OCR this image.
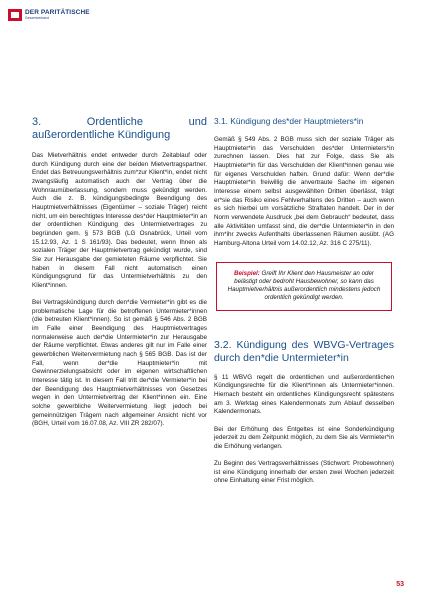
DER PARITÄTISCHE
Gesamtverband
3. Ordentliche und außerordentliche Kündigung

Das Mietverhältnis endet entweder durch Zeitablauf oder durch Kündigung durch eine der beiden Mietvertragspartner. Endet das Betreuungsverhältnis zum*zur Klient*in, endet nicht zwangsläufig automatisch auch der Vertrag über die Wohnraumüberlassung, sondern muss gekündigt werden. Auch die z. B. kündigungsbedingte Beendigung des Hauptmietverhältnisses (Eigentümer – soziale Träger) reicht nicht, um ein berechtigtes Interesse des*der Hauptmieter*in an der ordentlichen Kündigung des Untermietvertrages zu begründen gem. § 573 BGB (LG Osnabrück, Urteil vom 15.12.93, Az. 1 S 161/93). Das bedeutet, wenn Ihnen als sozialen Träger der Hauptmietvertrag gekündigt wurde, sind Sie zur Herausgabe der gemieteten Räume verpflichtet. Sie haben in diesem Fall nicht automatisch einen Kündigungsgrund für das Untermietverhältnis zu den Klient*innen.

Bei Vertragskündigung durch den*die Vermieter*in gibt es die problematische Lage für die betroffenen Untermieter*innen (die betreuten Klient*innen). So ist gemäß § 546 Abs. 2 BGB im Falle einer Beendigung des Hauptmietvertrages normalerweise auch der*die Untermieter*in zur Herausgabe der Räume verpflichtet. Etwas anderes gilt nur im Falle einer gewerblichen Weitervermietung nach § 565 BGB. Das ist der Fall, wenn der*die Hauptmieter*in mit Gewinnerzielungsabsicht oder im eigenen wirtschaftlichen Interesse tätig ist. In diesem Fall tritt der*die Vermieter*in bei der Beendigung des Hauptmietverhältnisses von Gesetzes wegen in den Untermietvertrag der Klient*innen ein. Eine solche gewerbliche Weitervermietung liegt jedoch bei gemeinnützigen Trägern nach allgemeiner Ansicht nicht vor (BGH, Urteil vom 16.07.08, Az. VIII ZR 282/07).

3.1. Kündigung des*der Hauptmieters*in

Gemäß § 549 Abs. 2 BGB muss sich der soziale Träger als Hauptmieter*in das Verschulden des*der Untermieters*in zurechnen lassen. Dies hat zur Folge, dass Sie als Hauptmieter*in für das Verschulden der Klient*innen genau wie für eigenes Verschulden haften. Grund dafür: Wenn der*die Hauptmieter*in freiwillig die anvertraute Sache im eigenen Interesse einem selbst ausgewählten Dritten überlässt, trägt er*sie das Risiko eines Fehlverhaltens des Dritten – auch wenn es sich hierbei um vorsätzliche Straftaten handelt. Der in der Norm verwendete Ausdruck „bei dem Gebrauch“ bedeutet, dass alle Aktivitäten umfasst sind, die der*die Untermieter*in in den ihm*ihr zwecks Aufenthalts überlassenen Räumen ausübt. (AG Hamburg-Altona Urteil vom 14.02.12, Az. 316 C 275/11).

Beispiel: Greift Ihr Klient den Hausmeister an oder belästigt oder bedroht Hausbewohner, so kann das Hauptmietverhältnis außerordentlich mindestens jedoch ordentlich gekündigt werden.
3.2. Kündigung des WBVG-Vertrages durch den*die Untermieter*in

§ 11 WBVG regelt die ordentlichen und außerordentlichen Kündigungsrechte für die Klient*innen als Untermieter*innen. Hiernach besteht ein ordentliches Kündigungsrecht spätestens am 3. Werktag eines Kalendermonats zum Ablauf desselben Kalendermonats.

Bei der Erhöhung des Entgeltes ist eine Sonderkündigung jederzeit zu dem Zeitpunkt möglich, zu dem Sie als Vermieter*in die Erhöhung verlangen.

Zu Beginn des Vertragsverhältnisses (Stichwort: Probewohnen) ist eine Kündigung innerhalb der ersten zwei Wochen jederzeit ohne Einhaltung einer Frist möglich.

53
